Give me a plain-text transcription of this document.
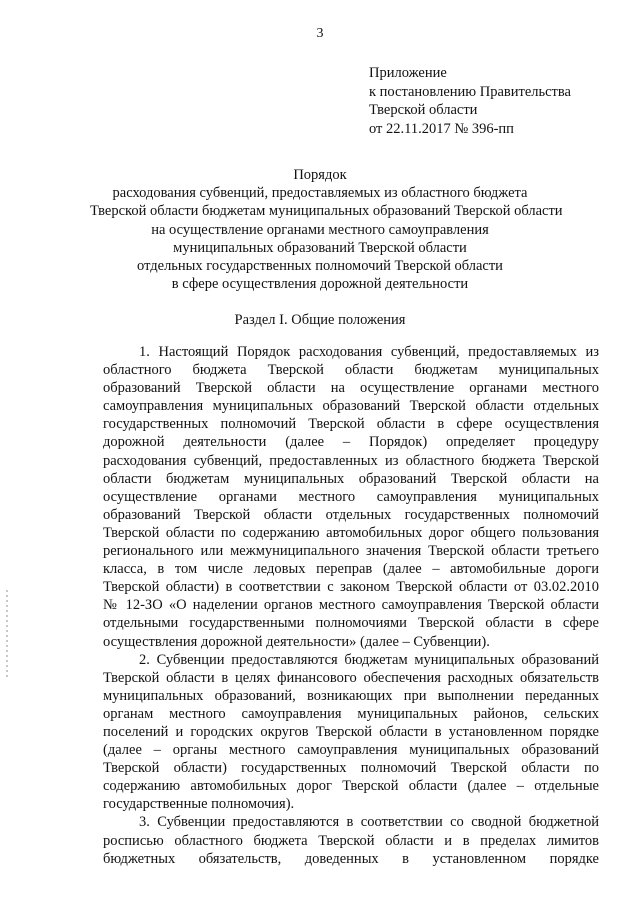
3
Приложение
к постановлению Правительства
Тверской области
от 22.11.2017 № 396-пп
Порядок
расходования субвенций, предоставляемых из областного бюджета
Тверской области бюджетам муниципальных образований Тверской области
на осуществление органами местного самоуправления
муниципальных образований Тверской области
отдельных государственных полномочий Тверской области
в сфере осуществления дорожной деятельности
Раздел I. Общие положения
1. Настоящий Порядок расходования субвенций, предоставляемых из
областного бюджета Тверской области бюджетам муниципальных
образований Тверской области на осуществление органами местного
самоуправления муниципальных образований Тверской области отдельных
государственных полномочий Тверской области в сфере осуществления
дорожной деятельности (далее – Порядок) определяет процедуру
расходования субвенций, предоставленных из областного бюджета Тверской
области бюджетам муниципальных образований Тверской области на
осуществление органами местного самоуправления муниципальных
образований Тверской области отдельных государственных полномочий
Тверской области по содержанию автомобильных дорог общего пользования
регионального или межмуниципального значения Тверской области третьего
класса, в том числе ледовых переправ (далее – автомобильные дороги
Тверской области) в соответствии с законом Тверской области от 03.02.2010
№ 12-ЗО «О наделении органов местного самоуправления Тверской области
отдельными государственными полномочиями Тверской области в сфере
осуществления дорожной деятельности» (далее – Субвенции).
2. Субвенции предоставляются бюджетам муниципальных образований
Тверской области в целях финансового обеспечения расходных обязательств
муниципальных образований, возникающих при выполнении переданных
органам местного самоуправления муниципальных районов, сельских
поселений и городских округов Тверской области в установленном порядке
(далее – органы местного самоуправления муниципальных образований
Тверской области) государственных полномочий Тверской области по
содержанию автомобильных дорог Тверской области (далее – отдельные
государственные полномочия).
3. Субвенции предоставляются в соответствии со сводной бюджетной
росписью областного бюджета Тверской области и в пределах лимитов
бюджетных обязательств, доведенных в установленном порядке
